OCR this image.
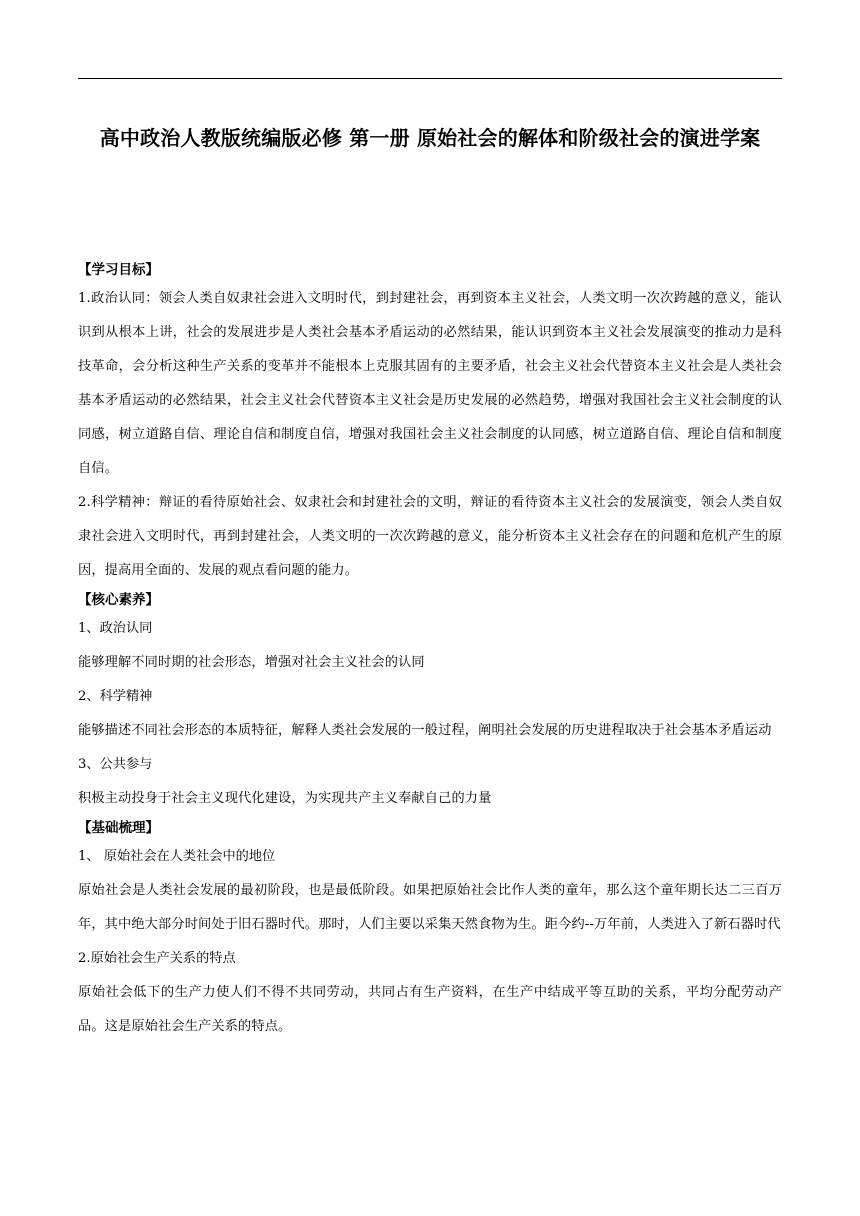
高中政治人教版统编版必修 第一册 原始社会的解体和阶级社会的演进学案
【学习目标】

1.政治认同：领会人类自奴隶社会进入文明时代，到封建社会，再到资本主义社会，人类文明一次次跨越的意义，能认识到从根本上讲，社会的发展进步是人类社会基本矛盾运动的必然结果，能认识到资本主义社会发展演变的推动力是科技革命，会分析这种生产关系的变革并不能根本上克服其固有的主要矛盾，社会主义社会代替资本主义社会是人类社会基本矛盾运动的必然结果，社会主义社会代替资本主义社会是历史发展的必然趋势，增强对我国社会主义社会制度的认同感，树立道路自信、理论自信和制度自信，增强对我国社会主义社会制度的认同感，树立道路自信、理论自信和制度自信。

2.科学精神：辩证的看待原始社会、奴隶社会和封建社会的文明，辩证的看待资本主义社会的发展演变，领会人类自奴隶社会进入文明时代，再到封建社会，人类文明的一次次跨越的意义，能分析资本主义社会存在的问题和危机产生的原因，提高用全面的、发展的观点看问题的能力。

【核心素养】
1、政治认同

能够理解不同时期的社会形态，增强对社会主义社会的认同

2、科学精神

能够描述不同社会形态的本质特征，解释人类社会发展的一般过程，阐明社会发展的历史进程取决于社会基本矛盾运动

3、公共参与

积极主动投身于社会主义现代化建设，为实现共产主义奉献自己的力量

【基础梳理】
1、 原始社会在人类社会中的地位

原始社会是人类社会发展的最初阶段，也是最低阶段。如果把原始社会比作人类的童年，那么这个童年期长达二三百万年，其中绝大部分时间处于旧石器时代。那时，人们主要以采集天然食物为生。距今约--万年前，人类进入了新石器时代

2.原始社会生产关系的特点

原始社会低下的生产力使人们不得不共同劳动，共同占有生产资料，在生产中结成平等互助的关系，平均分配劳动产品。这是原始社会生产关系的特点。
